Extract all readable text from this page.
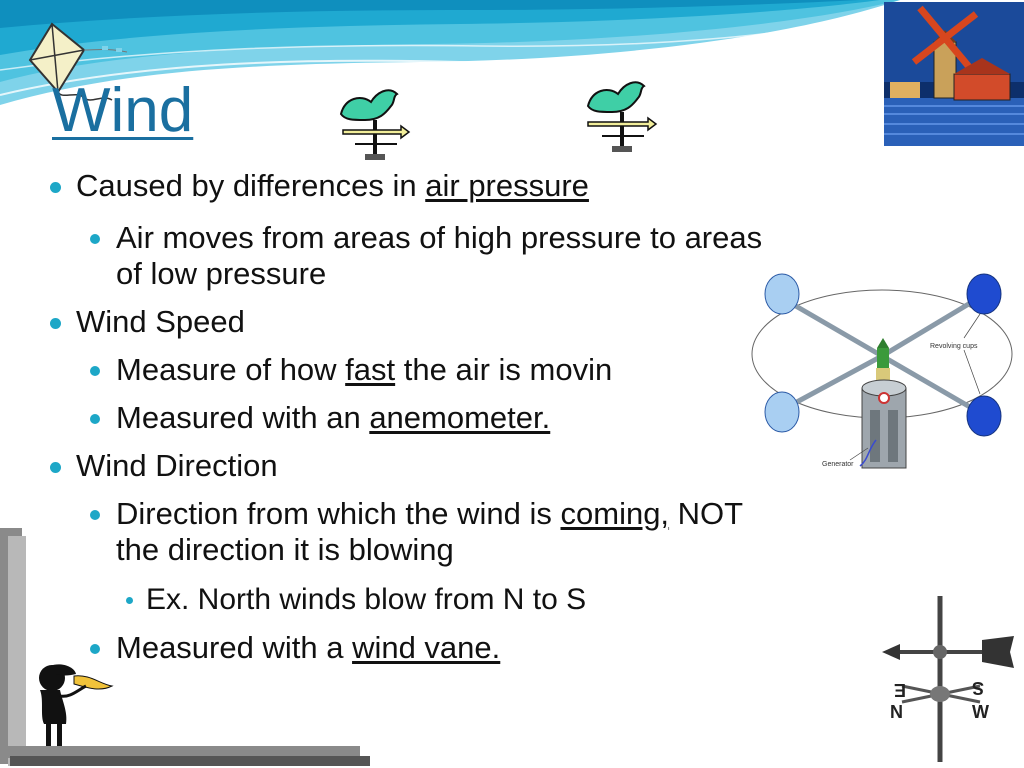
Wind
Caused by differences in air pressure
Air moves from areas of high pressure to areas
of low pressure
Wind Speed
Measure of how fast the air is movin
Measured with an anemometer.
Wind Direction
Direction from which the wind is coming, NOT
the direction it is blowing
Ex. North winds blow from N to S
Measured with a wind vane.
Revolving cups
Generator
E
N
S
W
